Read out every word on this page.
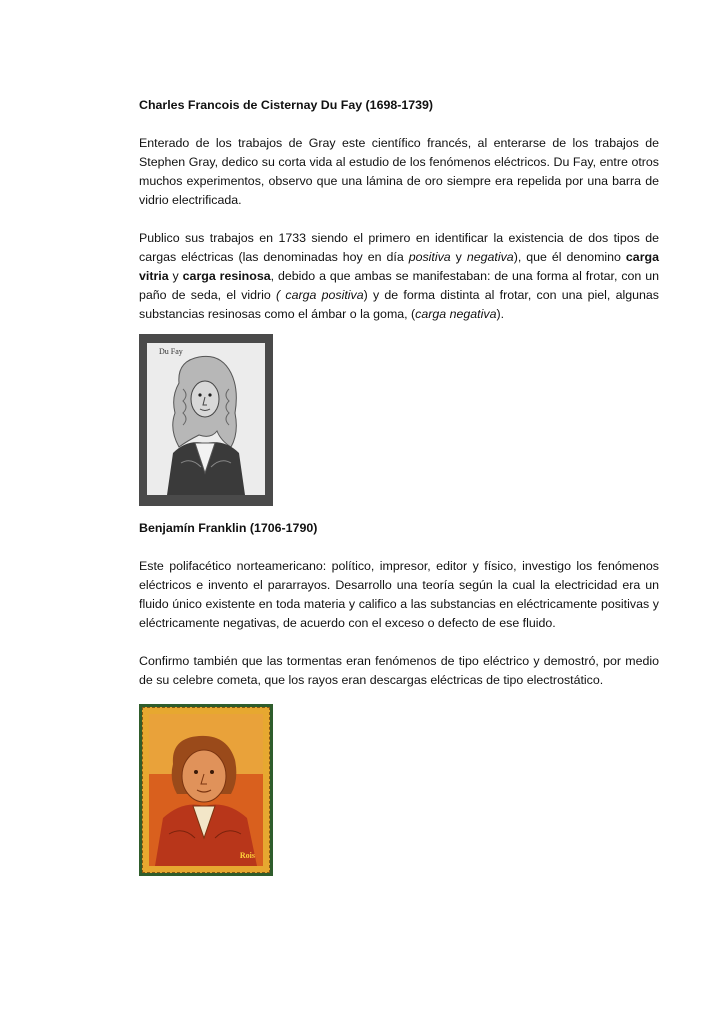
Charles Francois de Cisternay Du Fay (1698-1739)

Enterado de los trabajos de Gray este científico francés, al enterarse de los trabajos de Stephen Gray, dedico su corta vida al estudio de los fenómenos eléctricos. Du Fay, entre otros muchos experimentos, observo que una lámina de oro siempre era repelida por una barra de vidrio electrificada.

Publico sus trabajos en 1733 siendo el primero en identificar la existencia de dos tipos de cargas eléctricas (las denominadas hoy en día positiva y negativa), que él denomino carga vitria y carga resinosa, debido a que ambas se manifestaban: de una forma al frotar, con un paño de seda, el vidrio ( carga positiva) y de forma distinta al frotar, con una piel, algunas substancias resinosas como el ámbar o la goma, (carga negativa).

Du Fay

Benjamín Franklin (1706-1790)

Este polifacético norteamericano: político, impresor, editor y físico, investigo los fenómenos eléctricos e invento el pararrayos. Desarrollo una teoría según la cual la electricidad era un fluido único existente en toda materia y califico a las substancias en eléctricamente positivas y eléctricamente negativas, de acuerdo con el exceso o defecto de ese fluido.

Confirmo también que las tormentas eran fenómenos de tipo eléctrico y demostró, por medio de su celebre cometa, que los rayos eran descargas eléctricas de tipo electrostático.

Rois
